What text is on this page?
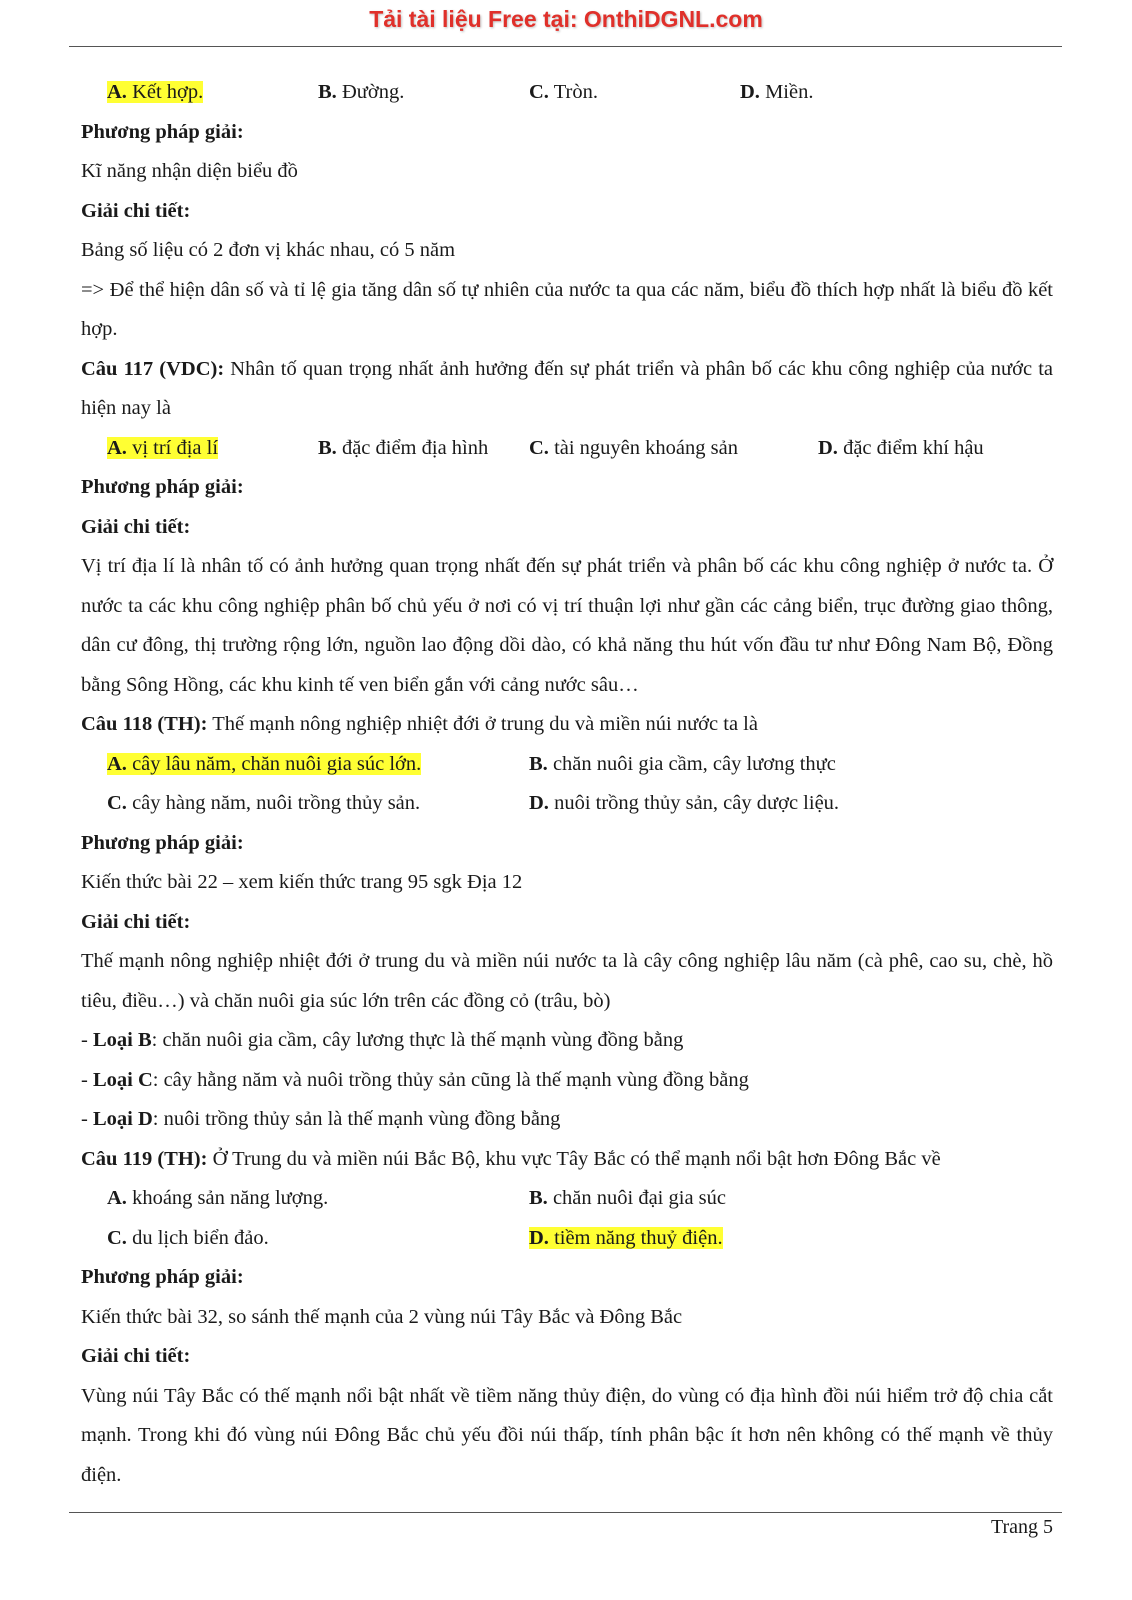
Tải tài liệu Free tại: OnthiDGNL.com
A. Kết hợp.	B. Đường.	C. Tròn.	D. Miền.
Phương pháp giải:
Kĩ năng nhận diện biểu đồ
Giải chi tiết:
Bảng số liệu có 2 đơn vị khác nhau, có 5 năm
=> Để thể hiện dân số và tỉ lệ gia tăng dân số tự nhiên của nước ta qua các năm, biểu đồ thích hợp nhất là biểu đồ kết hợp.
Câu 117 (VDC): Nhân tố quan trọng nhất ảnh hưởng đến sự phát triển và phân bố các khu công nghiệp của nước ta hiện nay là
A. vị trí địa lí	B. đặc điểm địa hình C. tài nguyên khoáng sản	D. đặc điểm khí hậu
Phương pháp giải:
Giải chi tiết:
Vị trí địa lí là nhân tố có ảnh hưởng quan trọng nhất đến sự phát triển và phân bố các khu công nghiệp ở nước ta. Ở nước ta các khu công nghiệp phân bố chủ yếu ở nơi có vị trí thuận lợi như gần các cảng biển, trục đường giao thông, dân cư đông, thị trường rộng lớn, nguồn lao động dồi dào, có khả năng thu hút vốn đầu tư như Đông Nam Bộ, Đồng bằng Sông Hồng, các khu kinh tế ven biển gắn với cảng nước sâu…
Câu 118 (TH): Thế mạnh nông nghiệp nhiệt đới ở trung du và miền núi nước ta là
A. cây lâu năm, chăn nuôi gia súc lớn.	B. chăn nuôi gia cầm, cây lương thực
C. cây hàng năm, nuôi trồng thủy sản.	D. nuôi trồng thủy sản, cây dược liệu.
Phương pháp giải:
Kiến thức bài 22 – xem kiến thức trang 95 sgk Địa 12
Giải chi tiết:
Thế mạnh nông nghiệp nhiệt đới ở trung du và miền núi nước ta là cây công nghiệp lâu năm (cà phê, cao su, chè, hồ tiêu, điều…) và chăn nuôi gia súc lớn trên các đồng cỏ (trâu, bò)
- Loại B: chăn nuôi gia cầm, cây lương thực là thế mạnh vùng đồng bằng
- Loại C: cây hằng năm và nuôi trồng thủy sản cũng là thế mạnh vùng đồng bằng
- Loại D: nuôi trồng thủy sản là thế mạnh vùng đồng bằng
Câu 119 (TH): Ở Trung du và miền núi Bắc Bộ, khu vực Tây Bắc có thể mạnh nổi bật hơn Đông Bắc về
A. khoáng sản năng lượng.	B. chăn nuôi đại gia súc
C. du lịch biển đảo.	D. tiềm năng thuỷ điện.
Phương pháp giải:
Kiến thức bài 32, so sánh thế mạnh của 2 vùng núi Tây Bắc và Đông Bắc
Giải chi tiết:
Vùng núi Tây Bắc có thế mạnh nổi bật nhất về tiềm năng thủy điện, do vùng có địa hình đồi núi hiểm trở độ chia cắt mạnh. Trong khi đó vùng núi Đông Bắc chủ yếu đồi núi thấp, tính phân bậc ít hơn nên không có thế mạnh về thủy điện.
Trang 5
